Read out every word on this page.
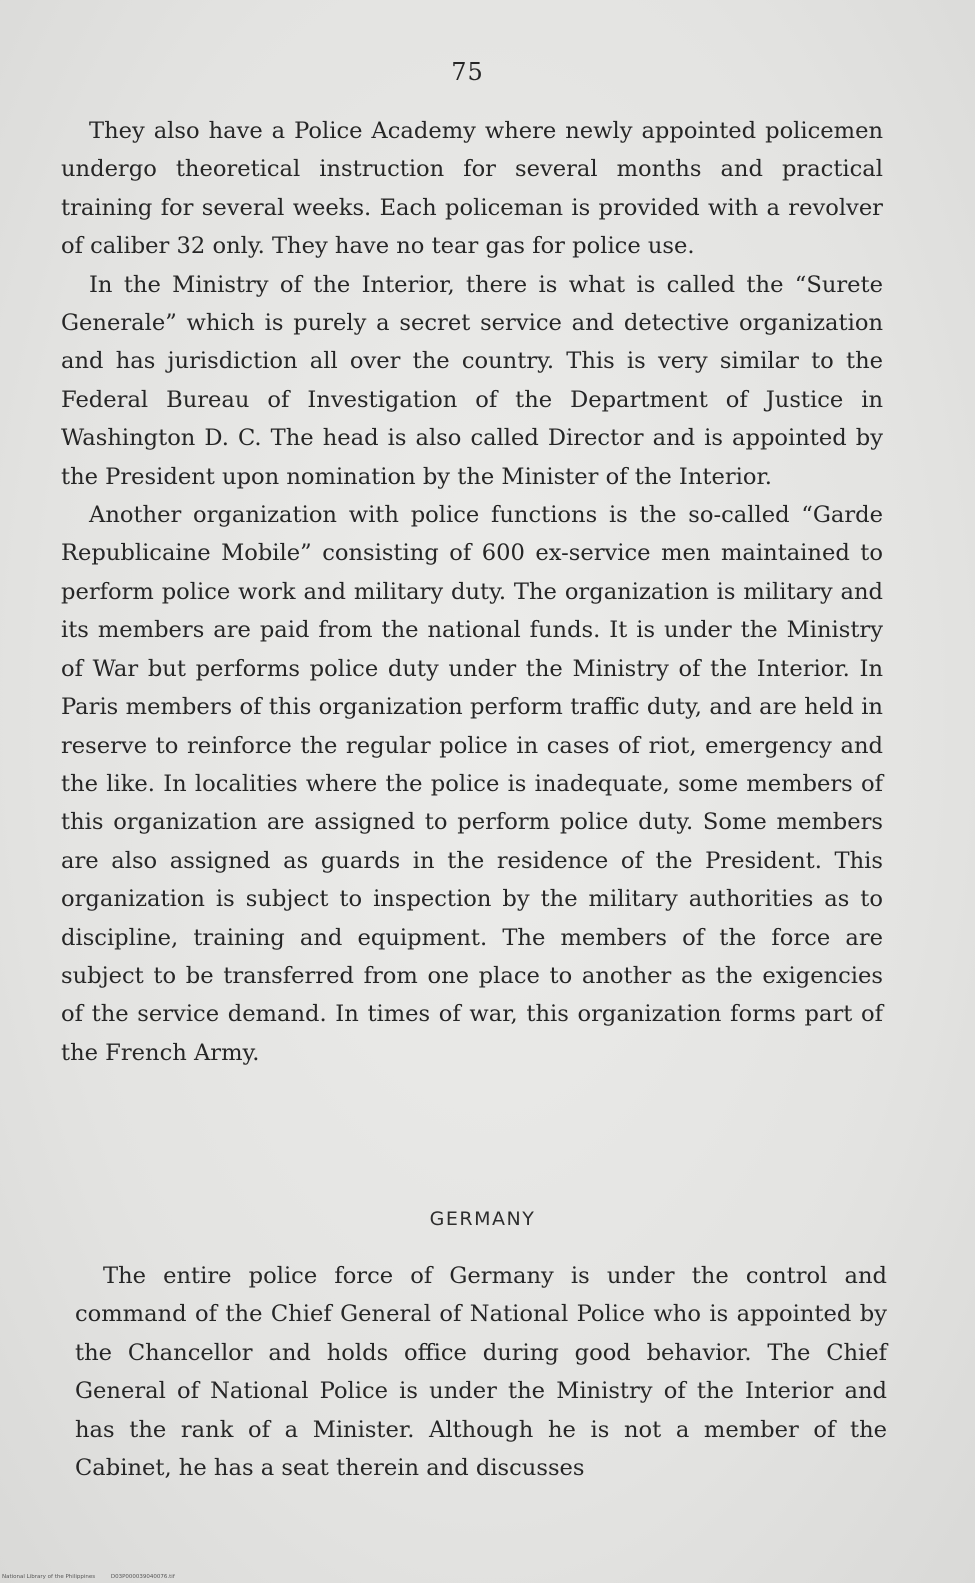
75

They also have a Police Academy where newly appointed policemen undergo theoretical instruction for several months and practical training for several weeks. Each policeman is provided with a revolver of caliber 32 only. They have no tear gas for police use.

In the Ministry of the Interior, there is what is called the “Surete Generale” which is purely a secret service and detective organization and has jurisdiction all over the country. This is very similar to the Federal Bureau of Investigation of the Department of Justice in Washington D. C. The head is also called Director and is appointed by the President upon nomination by the Minister of the Interior.

Another organization with police functions is the so-called “Garde Republicaine Mobile” consisting of 600 ex-service men maintained to perform police work and military duty. The organization is military and its members are paid from the national funds. It is under the Ministry of War but performs police duty under the Ministry of the Interior. In Paris members of this organization perform traffic duty, and are held in reserve to reinforce the regular police in cases of riot, emergency and the like. In localities where the police is inadequate, some members of this organization are assigned to perform police duty. Some members are also assigned as guards in the residence of the President. This organization is subject to inspection by the military authorities as to discipline, training and equipment. The members of the force are subject to be transferred from one place to another as the exigencies of the service demand. In times of war, this organization forms part of the French Army.

GERMANY

The entire police force of Germany is under the control and command of the Chief General of National Police who is appointed by the Chancellor and holds office during good behavior. The Chief General of National Police is under the Ministry of the Interior and has the rank of a Minister. Although he is not a member of the Cabinet, he has a seat therein and discusses

National Library of the Philippines	D03P000039040076.tif
